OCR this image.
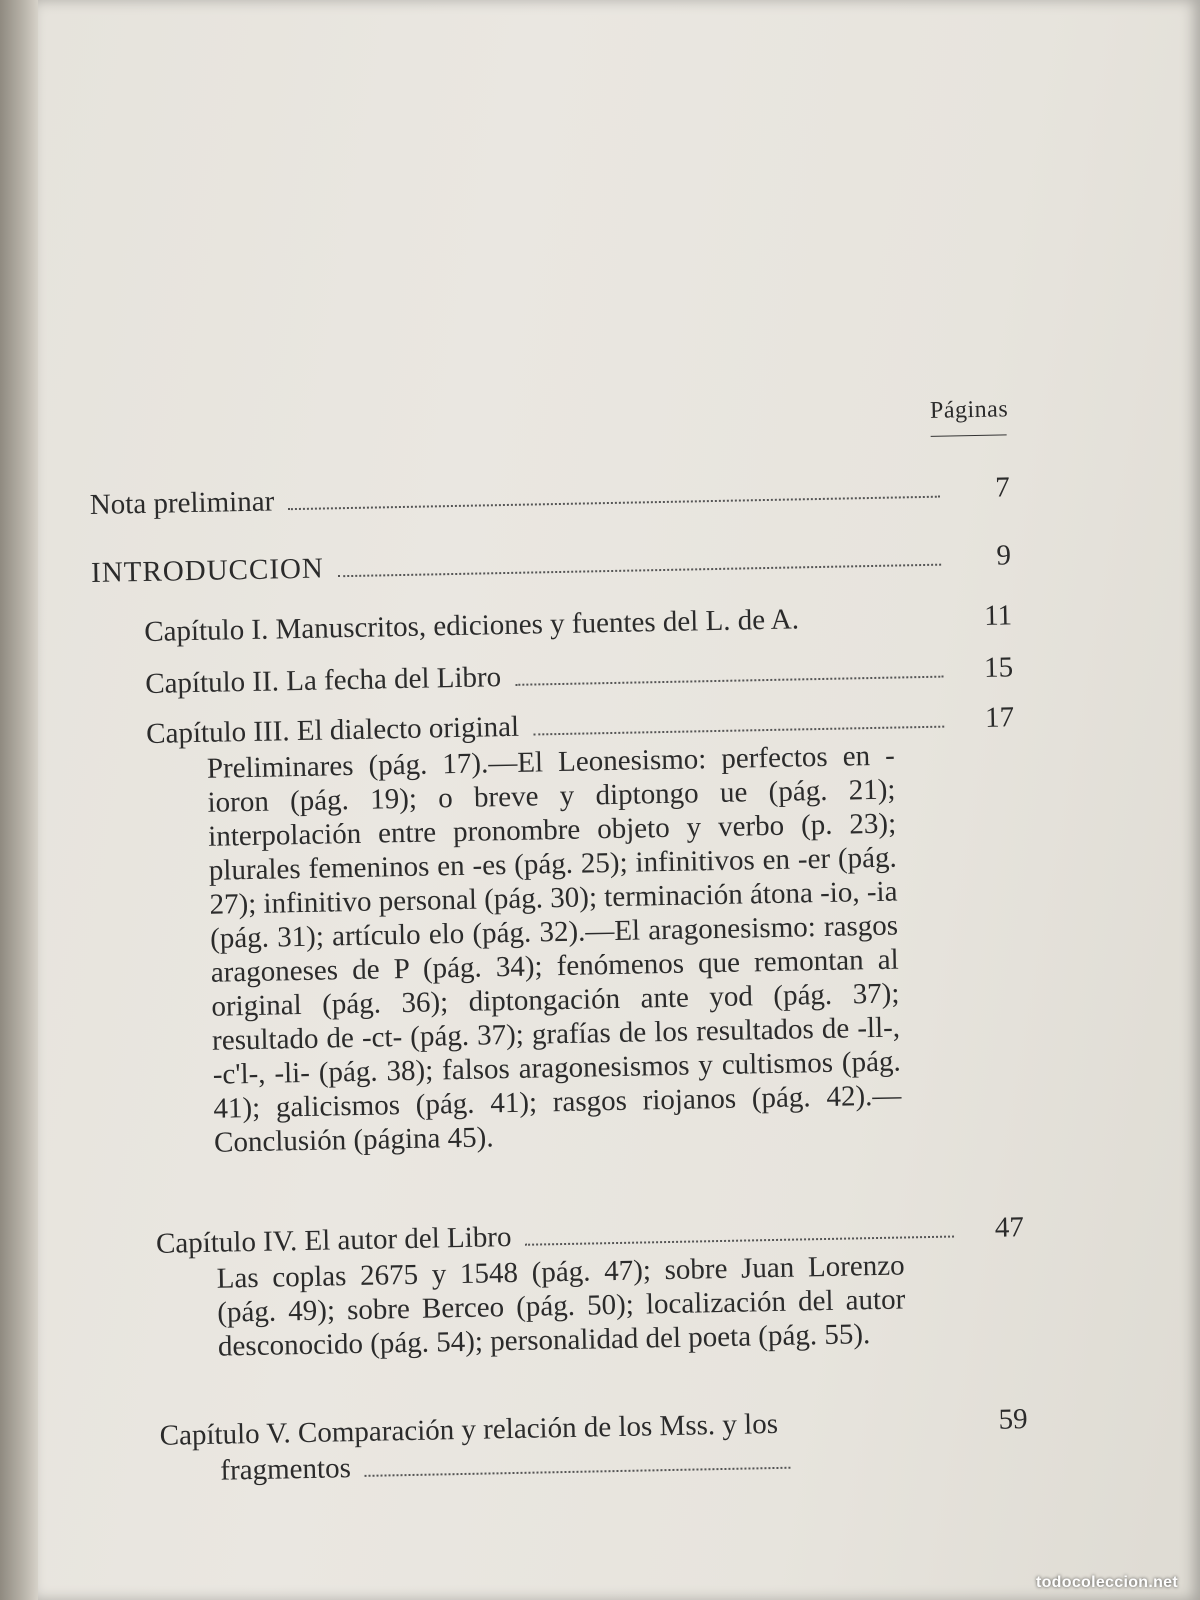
Páginas
Nota preliminar	7
INTRODUCCION	9
Capítulo I. Manuscritos, ediciones y fuentes del L. de A.	11
Capítulo II. La fecha del Libro	15
Capítulo III. El dialecto original	17
Preliminares (pág. 17).—El Leonesismo: perfectos en -ioron (pág. 19); o breve y diptongo ue (pág. 21); interpolación entre pronombre objeto y verbo (p. 23); plurales femeninos en -es (pág. 25); infinitivos en -er (pág. 27); infinitivo personal (pág. 30); terminación átona -io, -ia (pág. 31); artículo elo (pág. 32).—El aragonesismo: rasgos aragoneses de P (pág. 34); fenómenos que remontan al original (pág. 36); diptongación ante yod (pág. 37); resultado de -ct- (pág. 37); grafías de los resultados de -ll-, -c'l-, -li- (pág. 38); falsos aragonesismos y cultismos (pág. 41); galicismos (pág. 41); rasgos riojanos (pág. 42).—Conclusión (página 45).
Capítulo IV. El autor del Libro	47
Las coplas 2675 y 1548 (pág. 47); sobre Juan Lorenzo (pág. 49); sobre Berceo (pág. 50); localización del autor desconocido (pág. 54); personalidad del poeta (pág. 55).
Capítulo V. Comparación y relación de los Mss. y los	59
fragmentos
todocoleccion.net
